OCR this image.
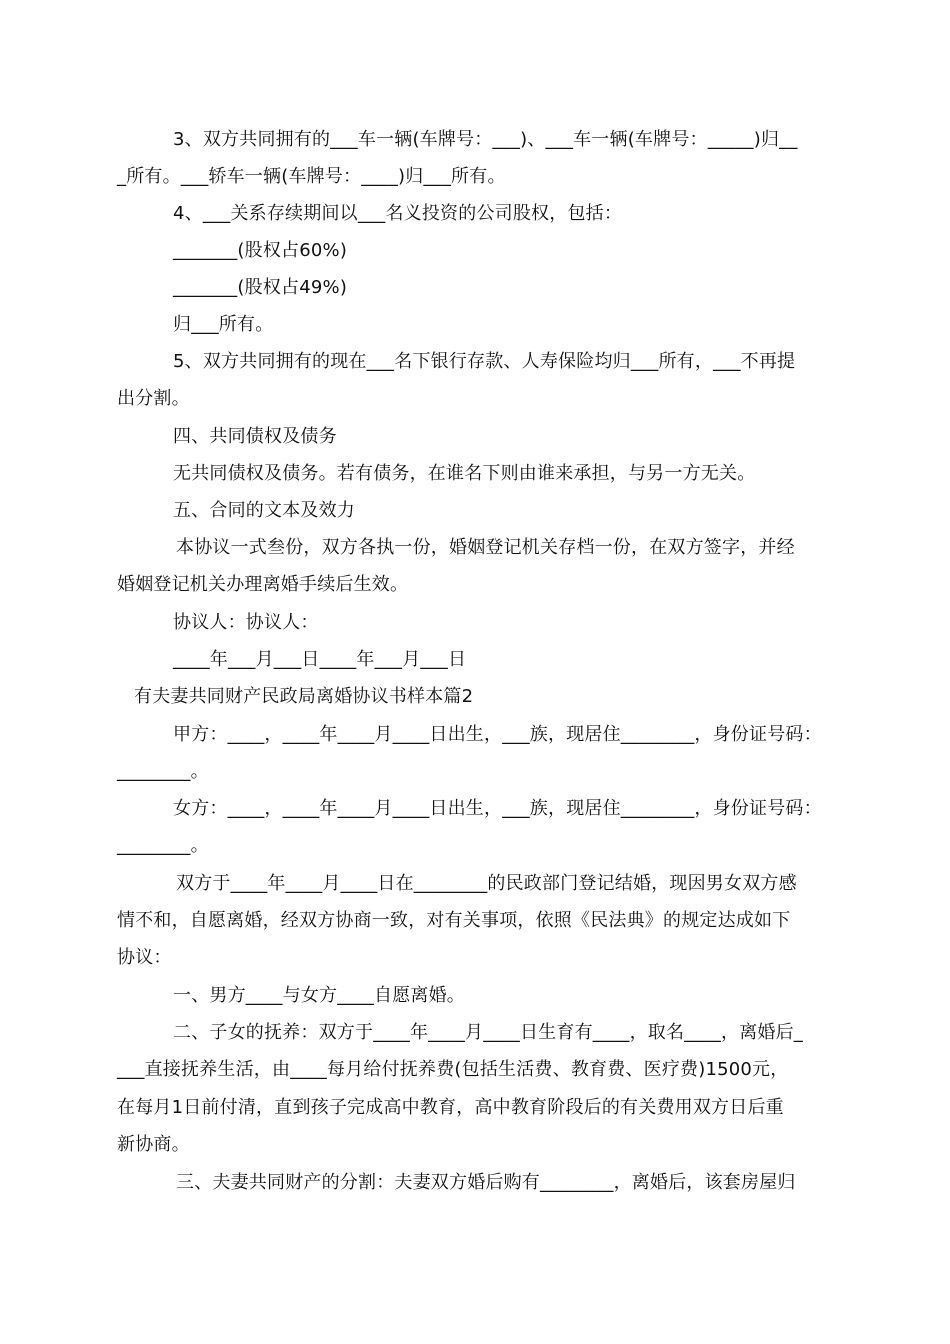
3、双方共同拥有的___车一辆(车牌号：___)、___车一辆(车牌号：_____)归__
_所有。___轿车一辆(车牌号：____)归___所有。
4、___关系存续期间以___名义投资的公司股权，包括：
_______(股权占60%)
_______(股权占49%)
归___所有。
5、双方共同拥有的现在___名下银行存款、人寿保险均归___所有，___不再提
出分割。
四、共同债权及债务
无共同债权及债务。若有债务，在谁名下则由谁来承担，与另一方无关。
五、合同的文本及效力
本协议一式叁份，双方各执一份，婚姻登记机关存档一份，在双方签字，并经
婚姻登记机关办理离婚手续后生效。
协议人：协议人：
____年___月___日____年___月___日
有夫妻共同财产民政局离婚协议书样本篇2
甲方：____，____年____月____日出生，___族，现居住________，身份证号码：
________。
女方：____，____年____月____日出生，___族，现居住________，身份证号码：
________。
双方于____年____月____日在________的民政部门登记结婚，现因男女双方感
情不和，自愿离婚，经双方协商一致，对有关事项，依照《民法典》的规定达成如下
协议：
一、男方____与女方____自愿离婚。
二、子女的抚养：双方于____年____月____日生育有____，取名____，离婚后_
___直接抚养生活，由____每月给付抚养费(包括生活费、教育费、医疗费)1500元，
在每月1日前付清，直到孩子完成高中教育，高中教育阶段后的有关费用双方日后重
新协商。
三、夫妻共同财产的分割：夫妻双方婚后购有________，离婚后，该套房屋归
